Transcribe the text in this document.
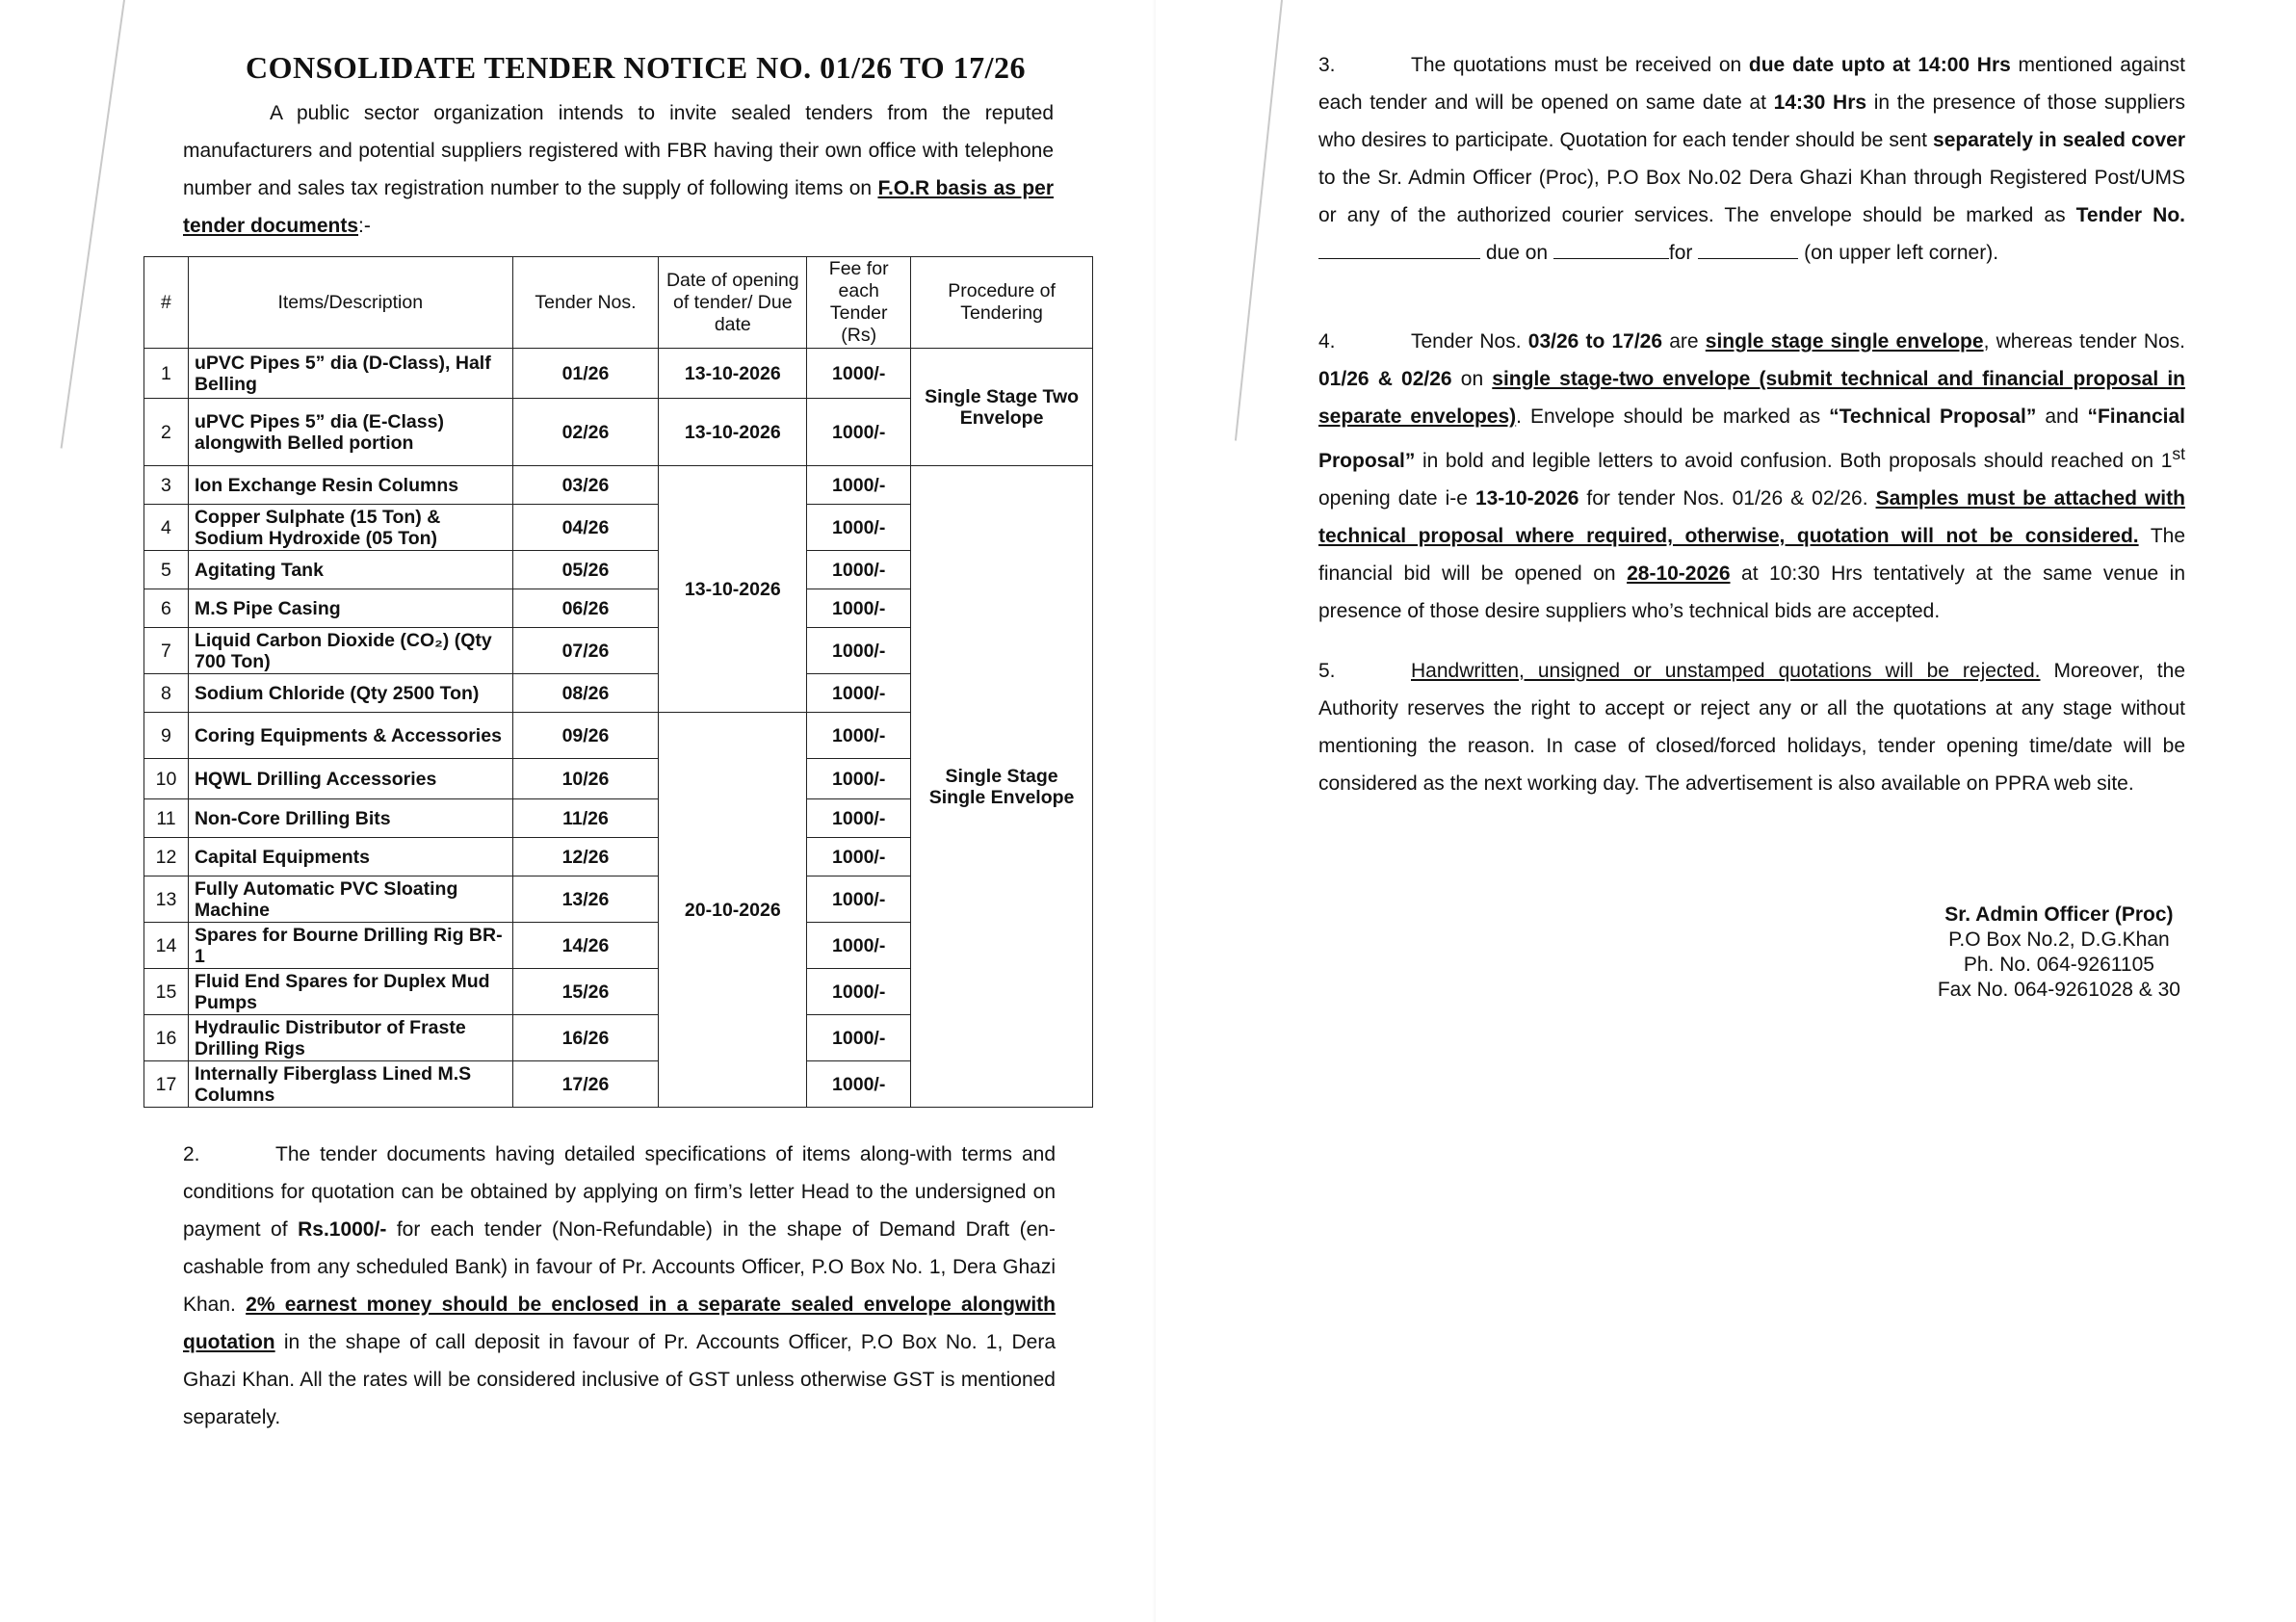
CONSOLIDATE TENDER NOTICE NO. 01/26 TO 17/26

A public sector organization intends to invite sealed tenders from the reputed manufacturers and potential suppliers registered with FBR having their own office with telephone number and sales tax registration number to the supply of following items on F.O.R basis as per tender documents:-

#	Items/Description	Tender Nos.	Date of opening of tender/ Due date	Fee for each Tender (Rs)	Procedure of Tendering
1	uPVC Pipes 5” dia (D-Class), Half Belling	01/26	13-10-2026	1000/-	Single Stage Two Envelope
2	uPVC Pipes 5” dia (E-Class) alongwith Belled portion	02/26	13-10-2026	1000/-	
3	Ion Exchange Resin Columns	03/26	13-10-2026	1000/-	Single Stage Single Envelope
4	Copper Sulphate (15 Ton) & Sodium Hydroxide (05 Ton)	04/26		1000/-	
5	Agitating Tank	05/26		1000/-	
6	M.S Pipe Casing	06/26		1000/-	
7	Liquid Carbon Dioxide (CO₂) (Qty 700 Ton)	07/26		1000/-	
8	Sodium Chloride (Qty 2500 Ton)	08/26		1000/-	
9	Coring Equipments & Accessories	09/26	20-10-2026	1000/-	
10	HQWL Drilling Accessories	10/26		1000/-	
11	Non-Core Drilling Bits	11/26		1000/-	
12	Capital Equipments	12/26		1000/-	
13	Fully Automatic PVC Sloating Machine	13/26		1000/-	
14	Spares for Bourne Drilling Rig BR-1	14/26		1000/-	
15	Fluid End Spares for Duplex Mud Pumps	15/26		1000/-	
16	Hydraulic Distributor of Fraste Drilling Rigs	16/26		1000/-	
17	Internally Fiberglass Lined M.S Columns	17/26		1000/-	

2.	The tender documents having detailed specifications of items along-with terms and conditions for quotation can be obtained by applying on firm’s letter Head to the undersigned on payment of Rs.1000/- for each tender (Non-Refundable) in the shape of Demand Draft (en-cashable from any scheduled Bank) in favour of Pr. Accounts Officer, P.O Box No. 1, Dera Ghazi Khan. 2% earnest money should be enclosed in a separate sealed envelope alongwith quotation in the shape of call deposit in favour of Pr. Accounts Officer, P.O Box No. 1, Dera Ghazi Khan. All the rates will be considered inclusive of GST unless otherwise GST is mentioned separately.

3.	The quotations must be received on due date upto at 14:00 Hrs mentioned against each tender and will be opened on same date at 14:30 Hrs in the presence of those suppliers who desires to participate. Quotation for each tender should be sent separately in sealed cover to the Sr. Admin Officer (Proc), P.O Box No.02 Dera Ghazi Khan through Registered Post/UMS or any of the authorized courier services. The envelope should be marked as Tender No.  due on	for	(on upper left corner).

4.	Tender Nos. 03/26 to 17/26 are single stage single envelope, whereas tender Nos. 01/26 & 02/26 on single stage-two envelope (submit technical and financial proposal in separate envelopes). Envelope should be marked as “Technical Proposal” and “Financial Proposal” in bold and legible letters to avoid confusion. Both proposals should reached on 1st opening date i-e 13-10-2026 for tender Nos. 01/26 & 02/26. Samples must be attached with technical proposal where required, otherwise, quotation will not be considered. The financial bid will be opened on 28-10-2026 at 10:30 Hrs tentatively at the same venue in presence of those desire suppliers who’s technical bids are accepted.

5.	Handwritten, unsigned or unstamped quotations will be rejected. Moreover, the Authority reserves the right to accept or reject any or all the quotations at any stage without mentioning the reason. In case of closed/forced holidays, tender opening time/date will be considered as the next working day. The advertisement is also available on PPRA web site.

Sr. Admin Officer (Proc)
P.O Box No.2, D.G.Khan
Ph. No. 064-9261105
Fax No. 064-9261028 & 30
